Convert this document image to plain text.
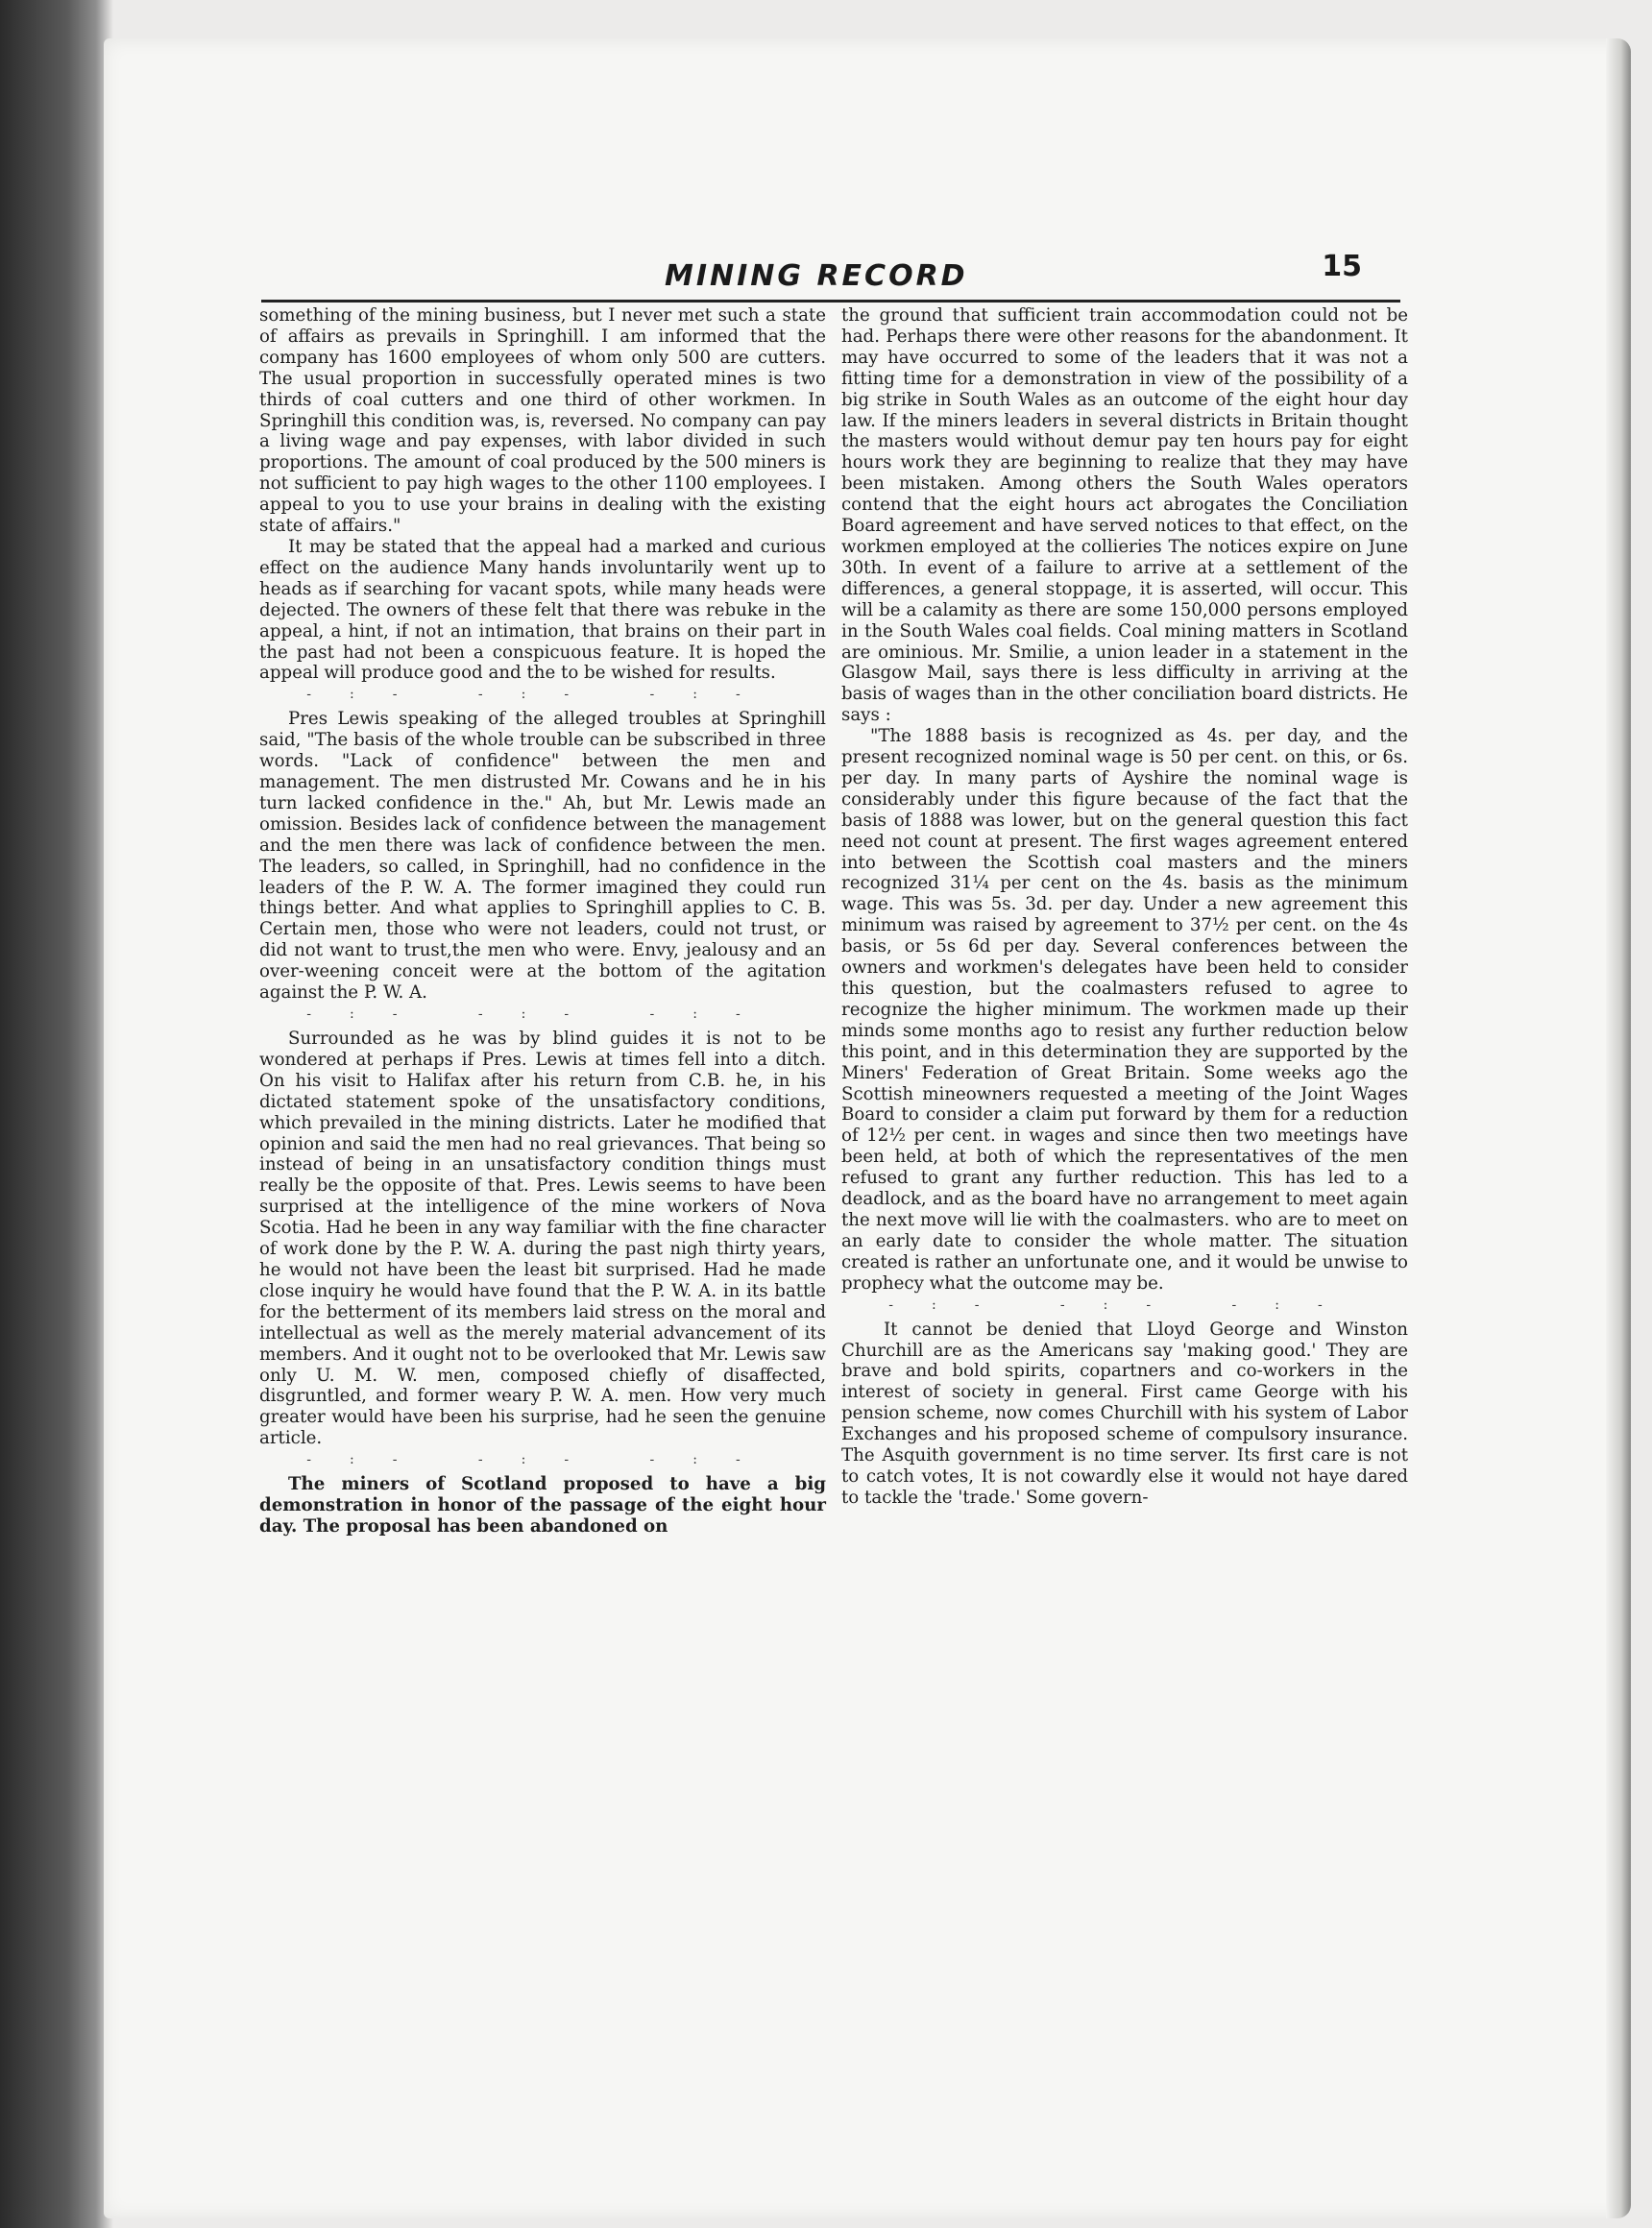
MINING RECORD	15

something of the mining business, but I never met such a state of affairs as prevails in Springhill. I am informed that the company has 1600 employees of whom only 500 are cutters. The usual proportion in successfully operated mines is two thirds of coal cutters and one third of other workmen. In Springhill this condition was, is, reversed. No company can pay a living wage and pay expenses, with labor divided in such proportions. The amount of coal produced by the 500 miners is not sufficient to pay high wages to the other 1100 employees. I appeal to you to use your brains in dealing with the existing state of affairs."

It may be stated that the appeal had a marked and curious effect on the audience Many hands involuntarily went up to heads as if searching for vacant spots, while many heads were dejected. The owners of these felt that there was rebuke in the appeal, a hint, if not an intimation, that brains on their part in the past had not been a conspicuous feature. It is hoped the appeal will produce good and the to be wished for results.

-:- -:- -:-

Pres Lewis speaking of the alleged troubles at Springhill said, "The basis of the whole trouble can be subscribed in three words. "Lack of confidence" between the men and management. The men distrusted Mr. Cowans and he in his turn lacked confidence in the." Ah, but Mr. Lewis made an omission. Besides lack of confidence between the management and the men there was lack of confidence between the men. The leaders, so called, in Springhill, had no confidence in the leaders of the P. W. A. The former imagined they could run things better. And what applies to Springhill applies to C. B. Certain men, those who were not leaders, could not trust, or did not want to trust,the men who were. Envy, jealousy and an over-weening conceit were at the bottom of the agitation against the P. W. A.

-:- -:- -:-

Surrounded as he was by blind guides it is not to be wondered at perhaps if Pres. Lewis at times fell into a ditch. On his visit to Halifax after his return from C.B. he, in his dictated statement spoke of the unsatisfactory conditions, which prevailed in the mining districts. Later he modified that opinion and said the men had no real grievances. That being so instead of being in an unsatisfactory condition things must really be the opposite of that. Pres. Lewis seems to have been surprised at the intelligence of the mine workers of Nova Scotia. Had he been in any way familiar with the fine character of work done by the P. W. A. during the past nigh thirty years, he would not have been the least bit surprised. Had he made close inquiry he would have found that the P. W. A. in its battle for the betterment of its members laid stress on the moral and intellectual as well as the merely material advancement of its members. And it ought not to be overlooked that Mr. Lewis saw only U. M. W. men, composed chiefly of disaffected, disgruntled, and former weary P. W. A. men. How very much greater would have been his surprise, had he seen the genuine article.

-:- -:- -:-

The miners of Scotland proposed to have a big demonstration in honor of the passage of the eight hour day. The proposal has been abandoned on

the ground that sufficient train accommodation could not be had. Perhaps there were other reasons for the abandonment. It may have occurred to some of the leaders that it was not a fitting time for a demonstration in view of the possibility of a big strike in South Wales as an outcome of the eight hour day law. If the miners leaders in several districts in Britain thought the masters would without demur pay ten hours pay for eight hours work they are beginning to realize that they may have been mistaken. Among others the South Wales operators contend that the eight hours act abrogates the Conciliation Board agreement and have served notices to that effect, on the workmen employed at the collieries The notices expire on June 30th. In event of a failure to arrive at a settlement of the differences, a general stoppage, it is asserted, will occur. This will be a calamity as there are some 150,000 persons employed in the South Wales coal fields. Coal mining matters in Scotland are ominious. Mr. Smilie, a union leader in a statement in the Glasgow Mail, says there is less difficulty in arriving at the basis of wages than in the other conciliation board districts. He says :

"The 1888 basis is recognized as 4s. per day, and the present recognized nominal wage is 50 per cent. on this, or 6s. per day. In many parts of Ayshire the nominal wage is considerably under this figure because of the fact that the basis of 1888 was lower, but on the general question this fact need not count at present. The first wages agreement entered into between the Scottish coal masters and the miners recognized 31¼ per cent on the 4s. basis as the minimum wage. This was 5s. 3d. per day. Under a new agreement this minimum was raised by agreement to 37½ per cent. on the 4s basis, or 5s 6d per day. Several conferences between the owners and workmen's delegates have been held to consider this question, but the coalmasters refused to agree to recognize the higher minimum. The workmen made up their minds some months ago to resist any further reduction below this point, and in this determination they are supported by the Miners' Federation of Great Britain. Some weeks ago the Scottish mineowners requested a meeting of the Joint Wages Board to consider a claim put forward by them for a reduction of 12½ per cent. in wages and since then two meetings have been held, at both of which the representatives of the men refused to grant any further reduction. This has led to a deadlock, and as the board have no arrangement to meet again the next move will lie with the coalmasters. who are to meet on an early date to consider the whole matter. The situation created is rather an unfortunate one, and it would be unwise to prophecy what the outcome may be.

-:- -:- -:-

It cannot be denied that Lloyd George and Winston Churchill are as the Americans say 'making good.' They are brave and bold spirits, copartners and co-workers in the interest of society in general. First came George with his pension scheme, now comes Churchill with his system of Labor Exchanges and his proposed scheme of compulsory insurance. The Asquith government is no time server. Its first care is not to catch votes, It is not cowardly else it would not haye dared to tackle the 'trade.' Some govern-
